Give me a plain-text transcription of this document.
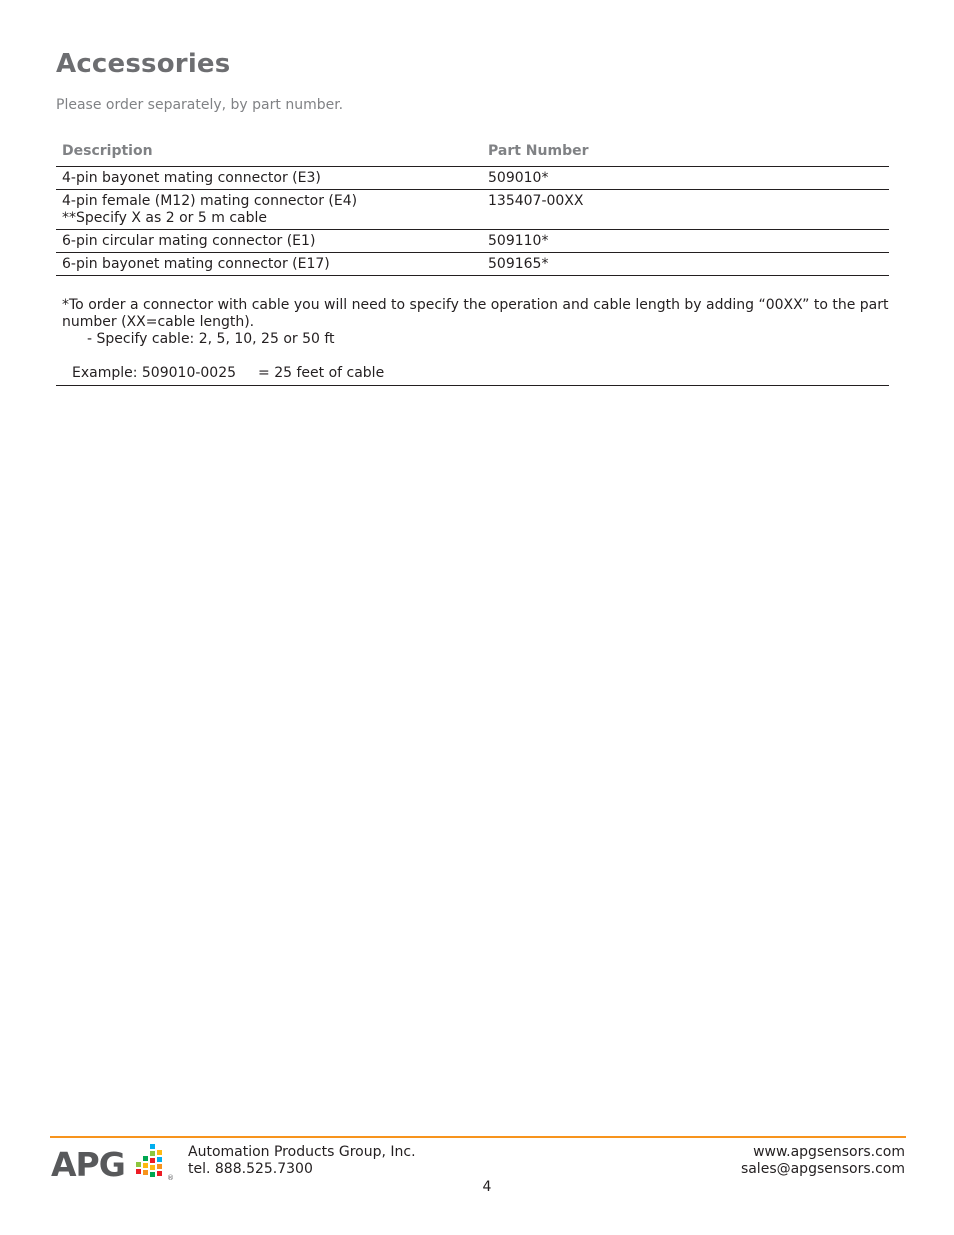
Accessories
Please order separately, by part number.
Description	Part Number
4-pin bayonet mating connector (E3)	509010*

4-pin female (M12) mating connector (E4)
**Specify X as 2 or 5 m cable	135407-00XX
6-pin circular mating connector (E1)	509110*
6-pin bayonet mating connector (E17)	509165*
*To order a connector with cable you will need to specify the operation and cable length by adding “00XX” to the part number (XX=cable length).
- Specify cable: 2, 5, 10, 25 or 50 ft
Example: 509010-0025 = 25 feet of cable
APG	®
Automation Products Group, Inc.
tel. 888.525.7300
www.apgsensors.com
sales@apgsensors.com
4
